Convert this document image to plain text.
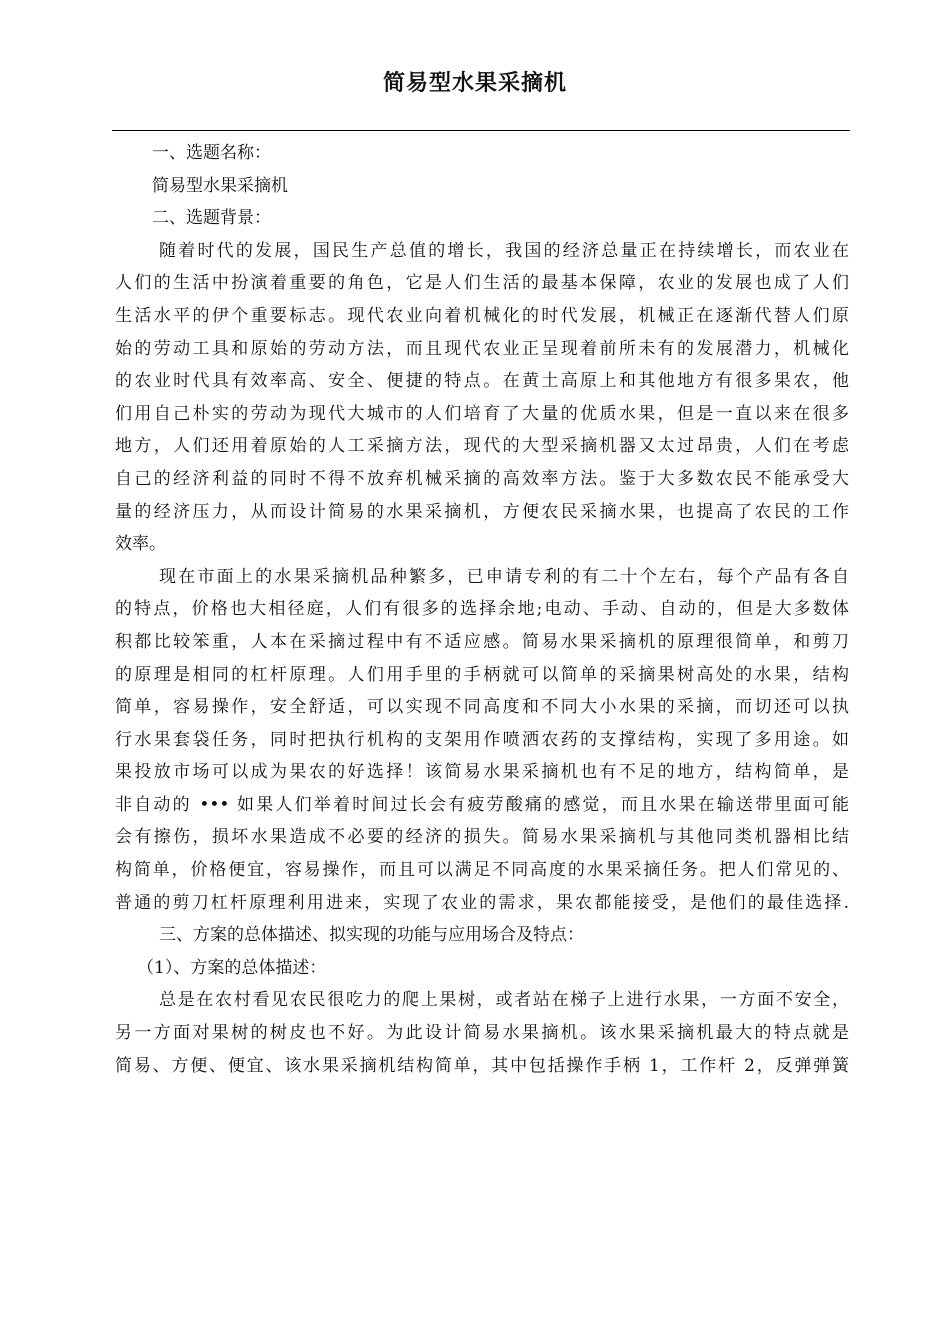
简易型水果采摘机
一、选题名称：
简易型水果采摘机
二、选题背景：
随着时代的发展，国民生产总值的增长，我国的经济总量正在持续增长，而农业在
人们的生活中扮演着重要的角色，它是人们生活的最基本保障，农业的发展也成了人们
生活水平的伊个重要标志。现代农业向着机械化的时代发展，机械正在逐渐代替人们原
始的劳动工具和原始的劳动方法，而且现代农业正呈现着前所未有的发展潜力，机械化
的农业时代具有效率高、安全、便捷的特点。在黄土高原上和其他地方有很多果农，他
们用自己朴实的劳动为现代大城市的人们培育了大量的优质水果，但是一直以来在很多
地方，人们还用着原始的人工采摘方法，现代的大型采摘机器又太过昂贵，人们在考虑
自己的经济利益的同时不得不放弃机械采摘的高效率方法。鉴于大多数农民不能承受大
量的经济压力，从而设计简易的水果采摘机，方便农民采摘水果，也提高了农民的工作
效率。
现在市面上的水果采摘机品种繁多，已申请专利的有二十个左右，每个产品有各自
的特点，价格也大相径庭，人们有很多的选择余地;电动、手动、自动的，但是大多数体
积都比较笨重，人本在采摘过程中有不适应感。简易水果采摘机的原理很简单，和剪刀
的原理是相同的杠杆原理。人们用手里的手柄就可以简单的采摘果树高处的水果，结构
简单，容易操作，安全舒适，可以实现不同高度和不同大小水果的采摘，而切还可以执
行水果套袋任务，同时把执行机构的支架用作喷洒农药的支撑结构，实现了多用途。如
果投放市场可以成为果农的好选择！该简易水果采摘机也有不足的地方，结构简单，是
非自动的 ••• 如果人们举着时间过长会有疲劳酸痛的感觉，而且水果在输送带里面可能
会有擦伤，损坏水果造成不必要的经济的损失。简易水果采摘机与其他同类机器相比结
构简单，价格便宜，容易操作，而且可以满足不同高度的水果采摘任务。把人们常见的、
普通的剪刀杠杆原理利用进来，实现了农业的需求，果农都能接受，是他们的最佳选择.
三、方案的总体描述、拟实现的功能与应用场合及特点：
（1）、方案的总体描述：
总是在农村看见农民很吃力的爬上果树，或者站在梯子上进行水果，一方面不安全，
另一方面对果树的树皮也不好。为此设计简易水果摘机。该水果采摘机最大的特点就是
简易、方便、便宜、该水果采摘机结构简单，其中包括操作手柄 1，工作杆 2，反弹弹簧
